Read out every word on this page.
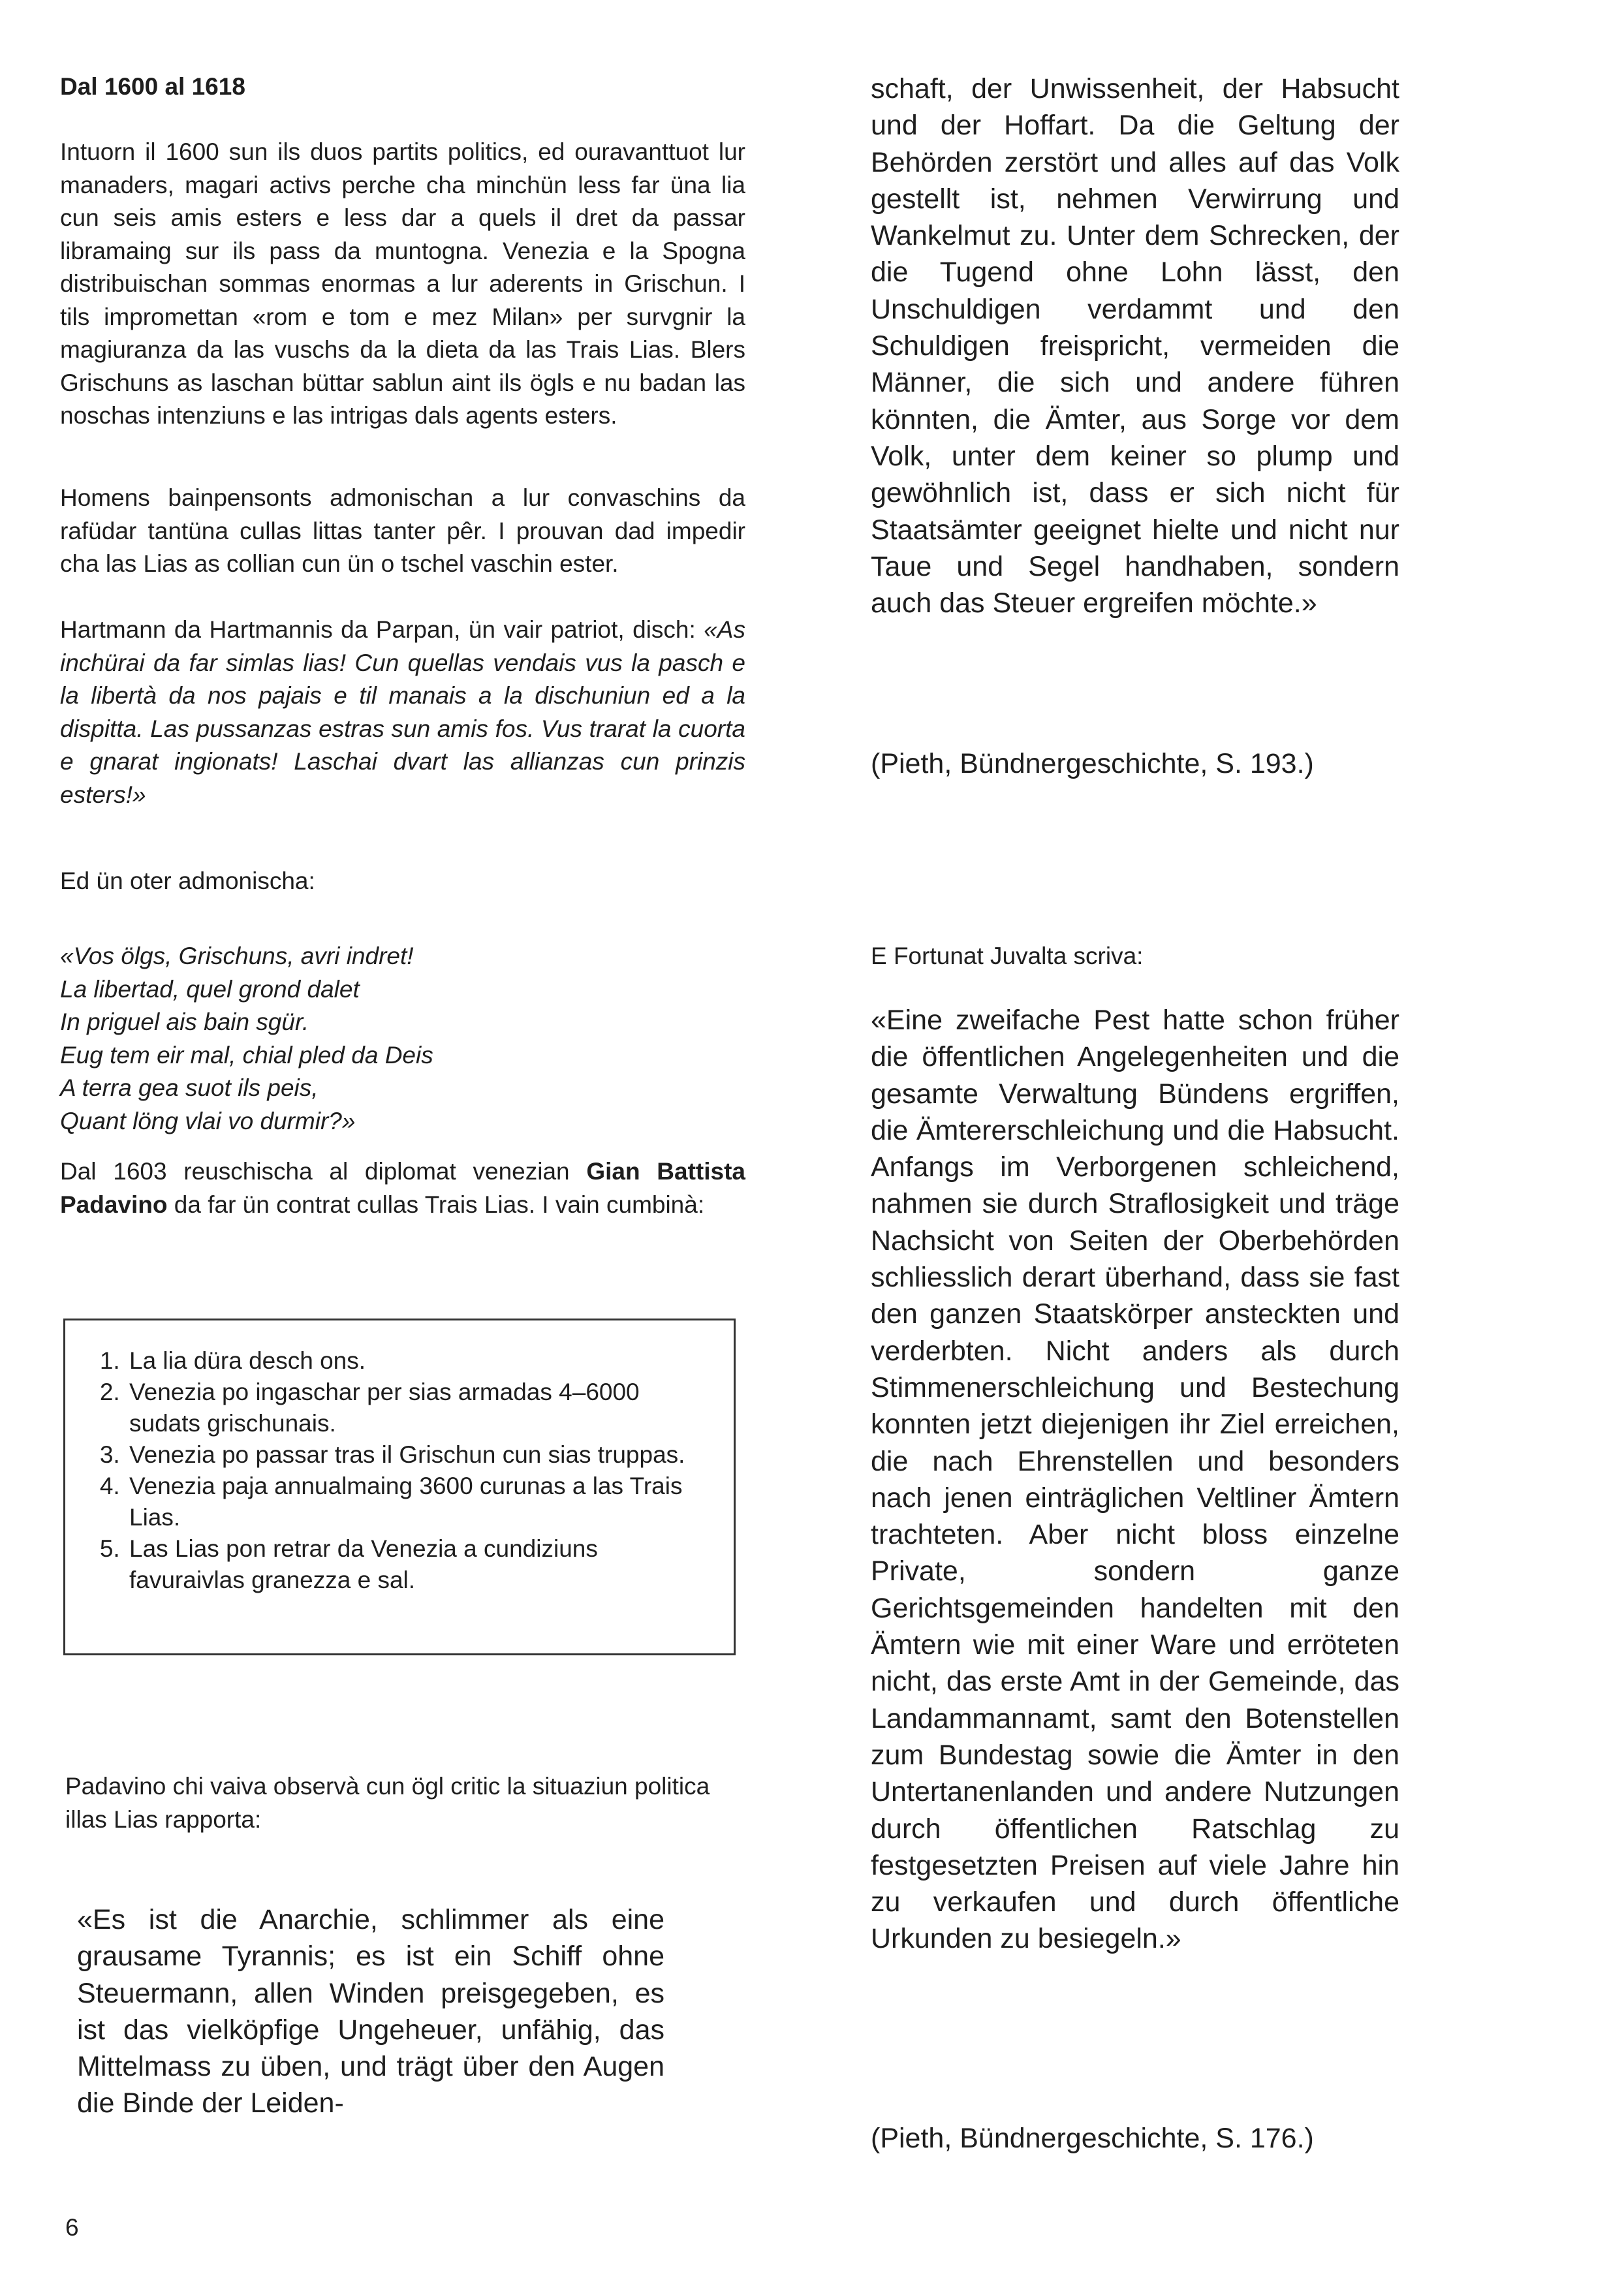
Dal 1600 al 1618

Intuorn il 1600 sun ils duos partits politics, ed ouravanttuot lur manaders, magari activs perche cha minchün less far üna lia cun seis amis esters e less dar a quels il dret da passar libramaing sur ils pass da muntogna. Venezia e la Spogna distribuischan sommas enormas a lur aderents in Grischun. I tils impromettan «rom e tom e mez Milan» per survgnir la magiuranza da las vuschs da la dieta da las Trais Lias. Blers Grischuns as laschan büttar sablun aint ils ögls e nu badan las noschas intenziuns e las intrigas dals agents esters.

Homens bainpensonts admonischan a lur convaschins da rafüdar tantüna cullas littas tanter pêr. I prouvan dad impedir cha las Lias as collian cun ün o tschel vaschin ester.

Hartmann da Hartmannis da Parpan, ün vair patriot, disch: «As inchürai da far simlas lias! Cun quellas vendais vus la pasch e la libertà da nos pajais e til manais a la dischuniun ed a la dispitta. Las pussanzas estras sun amis fos. Vus trarat la cuorta e gnarat ingionats! Laschai dvart las allianzas cun prinzis esters!»

Ed ün oter admonischa:

«Vos ölgs, Grischuns, avri indret!
La libertad, quel grond dalet
In priguel ais bain sgür.
Eug tem eir mal, chial pled da Deis
A terra gea suot ils peis,
Quant löng vlai vo durmir?»

Dal 1603 reuschischa al diplomat venezian Gian Battista Padavino da far ün contrat cullas Trais Lias. I vain cumbinà:

1. La lia düra desch ons.
2. Venezia po ingaschar per sias armadas 4–6000 sudats grischunais.
3. Venezia po passar tras il Grischun cun sias truppas.
4. Venezia paja annualmaing 3600 curunas a las Trais Lias.
5. Las Lias pon retrar da Venezia a cundiziuns favuraivlas granezza e sal.

Padavino chi vaiva observà cun ögl critic la situaziun politica illas Lias rapporta:

«Es ist die Anarchie, schlimmer als eine grausame Tyrannis; es ist ein Schiff ohne Steuermann, allen Winden preisgegeben, es ist das vielköpfige Ungeheuer, unfähig, das Mittelmass zu üben, und trägt über den Augen die Binde der Leiden-

schaft, der Unwissenheit, der Habsucht und der Hoffart. Da die Geltung der Behörden zerstört und alles auf das Volk gestellt ist, nehmen Verwirrung und Wankelmut zu. Unter dem Schrecken, der die Tugend ohne Lohn lässt, den Unschuldigen verdammt und den Schuldigen freispricht, vermeiden die Männer, die sich und andere führen könnten, die Ämter, aus Sorge vor dem Volk, unter dem keiner so plump und gewöhnlich ist, dass er sich nicht für Staatsämter geeignet hielte und nicht nur Taue und Segel handhaben, sondern auch das Steuer ergreifen möchte.»

(Pieth, Bündnergeschichte, S. 193.)

E Fortunat Juvalta scriva:

«Eine zweifache Pest hatte schon früher die öffentlichen Angelegenheiten und die gesamte Verwaltung Bündens ergriffen, die Ämtererschleichung und die Habsucht. Anfangs im Verborgenen schleichend, nahmen sie durch Straflosigkeit und träge Nachsicht von Seiten der Oberbehörden schliesslich derart überhand, dass sie fast den ganzen Staatskörper ansteckten und verderbten. Nicht anders als durch Stimmenerschleichung und Bestechung konnten jetzt diejenigen ihr Ziel erreichen, die nach Ehrenstellen und besonders nach jenen einträglichen Veltliner Ämtern trachteten. Aber nicht bloss einzelne Private, sondern ganze Gerichtsgemeinden handelten mit den Ämtern wie mit einer Ware und erröteten nicht, das erste Amt in der Gemeinde, das Landammannamt, samt den Botenstellen zum Bundestag sowie die Ämter in den Untertanenlanden und andere Nutzungen durch öffentlichen Ratschlag zu festgesetzten Preisen auf viele Jahre hin zu verkaufen und durch öffentliche Urkunden zu besiegeln.»

(Pieth, Bündnergeschichte, S. 176.)

6
